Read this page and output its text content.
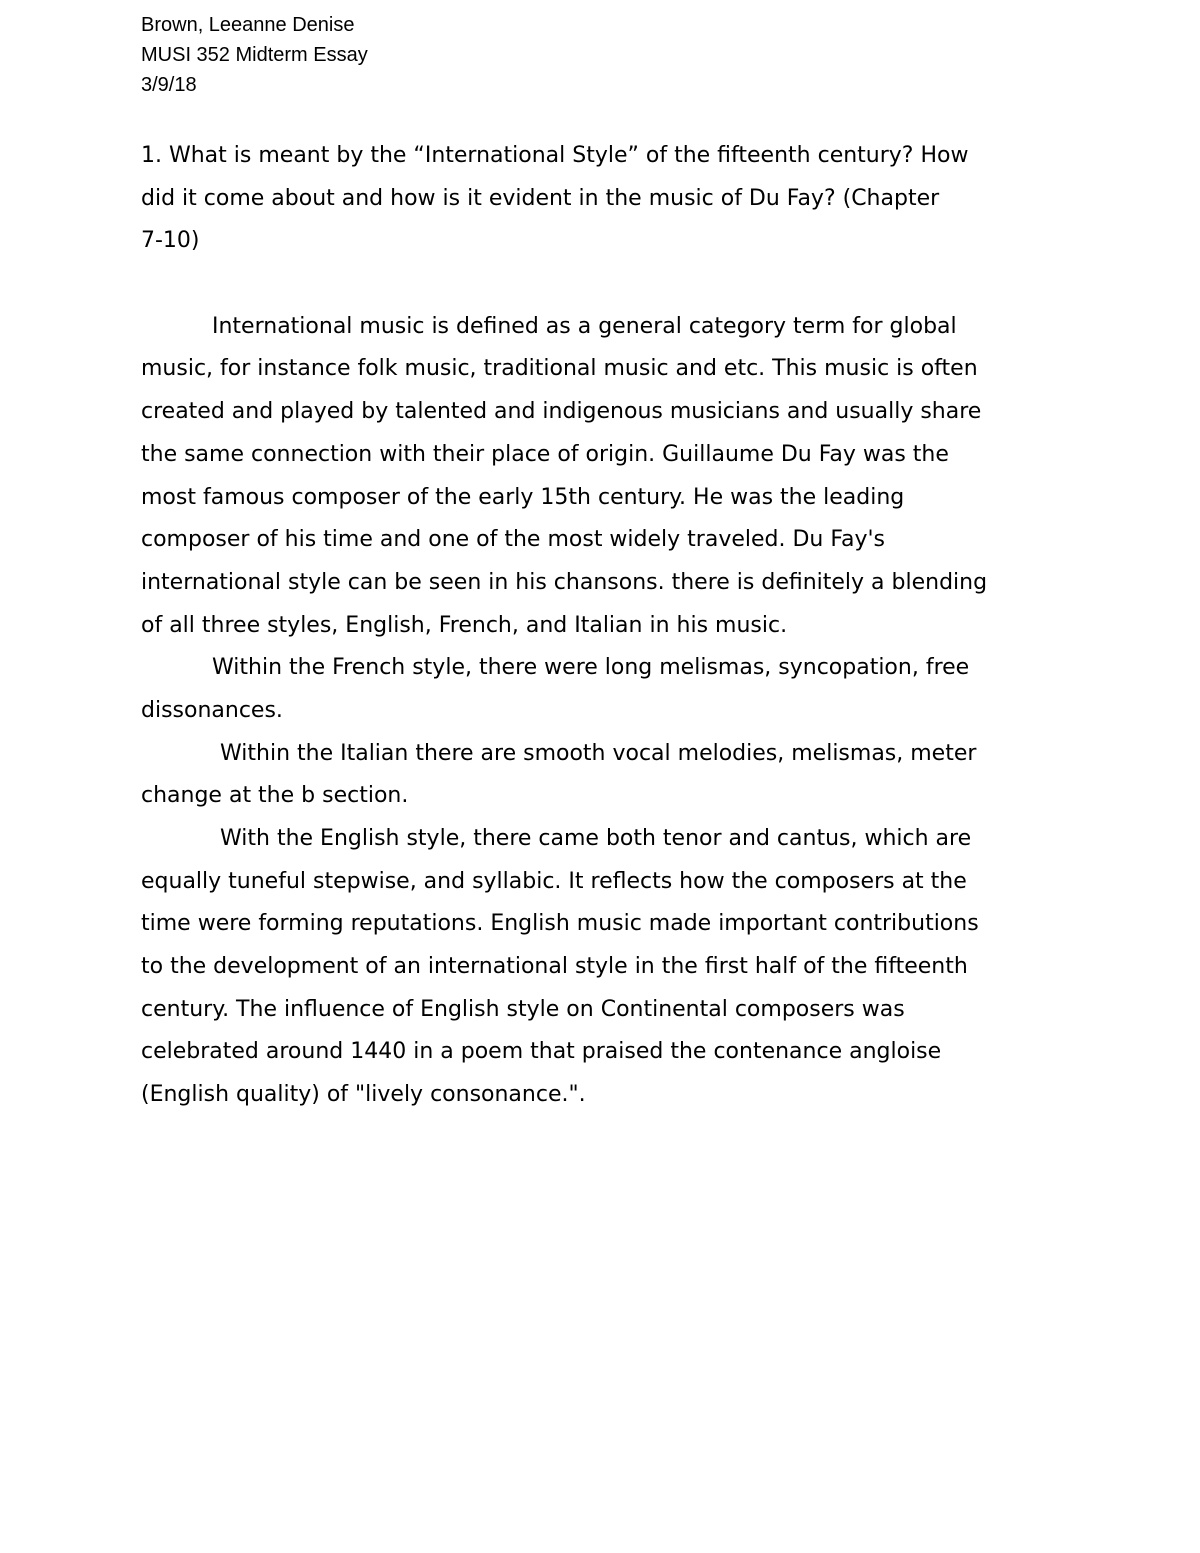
Brown, Leeanne Denise
MUSI 352 Midterm Essay
3/9/18
1. What is meant by the “International Style” of the fifteenth century? How
did it come about and how is it evident in the music of Du Fay? (Chapter
7-10)
International music is defined as a general category term for global
music, for instance folk music, traditional music and etc. This music is often
created and played by talented and indigenous musicians and usually share
the same connection with their place of origin. Guillaume Du Fay was the
most famous composer of the early 15th century. He was the leading
composer of his time and one of the most widely traveled. Du Fay's
international style can be seen in his chansons. there is definitely a blending
of all three styles, English, French, and Italian in his music.
Within the French style, there were long melismas, syncopation, free
dissonances.
Within the Italian there are smooth vocal melodies, melismas, meter
change at the b section.
With the English style, there came both tenor and cantus, which are
equally tuneful stepwise, and syllabic. It reflects how the composers at the
time were forming reputations. English music made important contributions
to the development of an international style in the first half of the fifteenth
century. The influence of English style on Continental composers was
celebrated around 1440 in a poem that praised the contenance angloise
(English quality) of "lively consonance.".
